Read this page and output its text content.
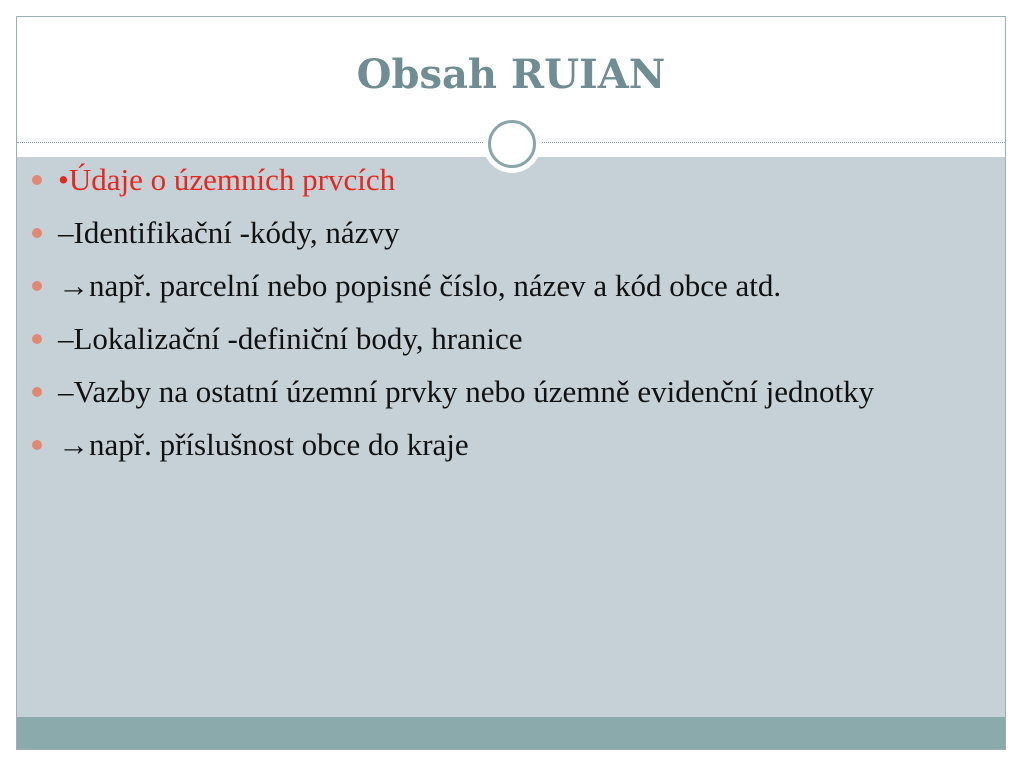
Obsah RUIAN
•Údaje o územních prvcích
–Identifikační -kódy, názvy
→např. parcelní nebo popisné číslo, název a kód obce atd.
–Lokalizační -definiční body, hranice
–Vazby na ostatní územní prvky nebo územně evidenční jednotky
→např. příslušnost obce do kraje
